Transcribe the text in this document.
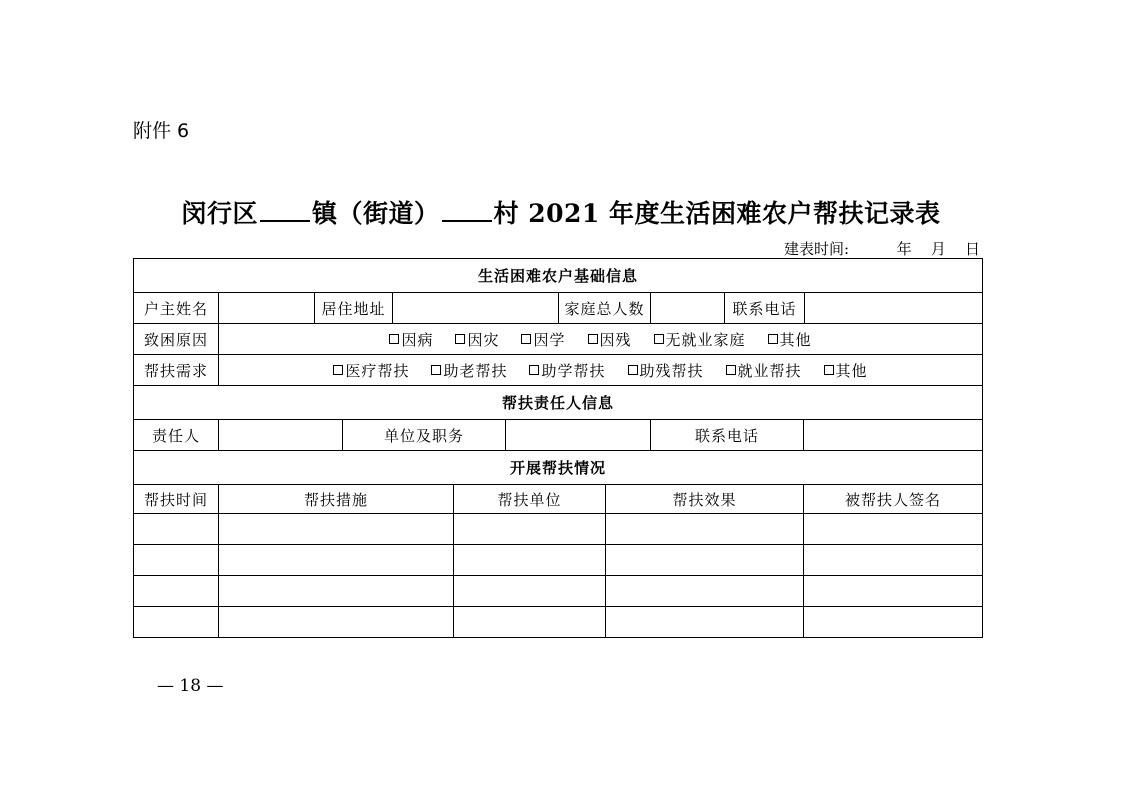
附件 6
闵行区 镇（街道） 村 2021 年度生活困难农户帮扶记录表
建表时间:	年 月 日
生活困难农户基础信息
户主姓名	居住地址	家庭总人数	联系电话
致困原因	因病 因灾 因学 因残 无就业家庭 其他
帮扶需求	医疗帮扶 助老帮扶 助学帮扶 助残帮扶 就业帮扶 其他
帮扶责任人信息
责任人	单位及职务	联系电话
开展帮扶情况
帮扶时间	帮扶措施	帮扶单位	帮扶效果	被帮扶人签名
— 18 —
